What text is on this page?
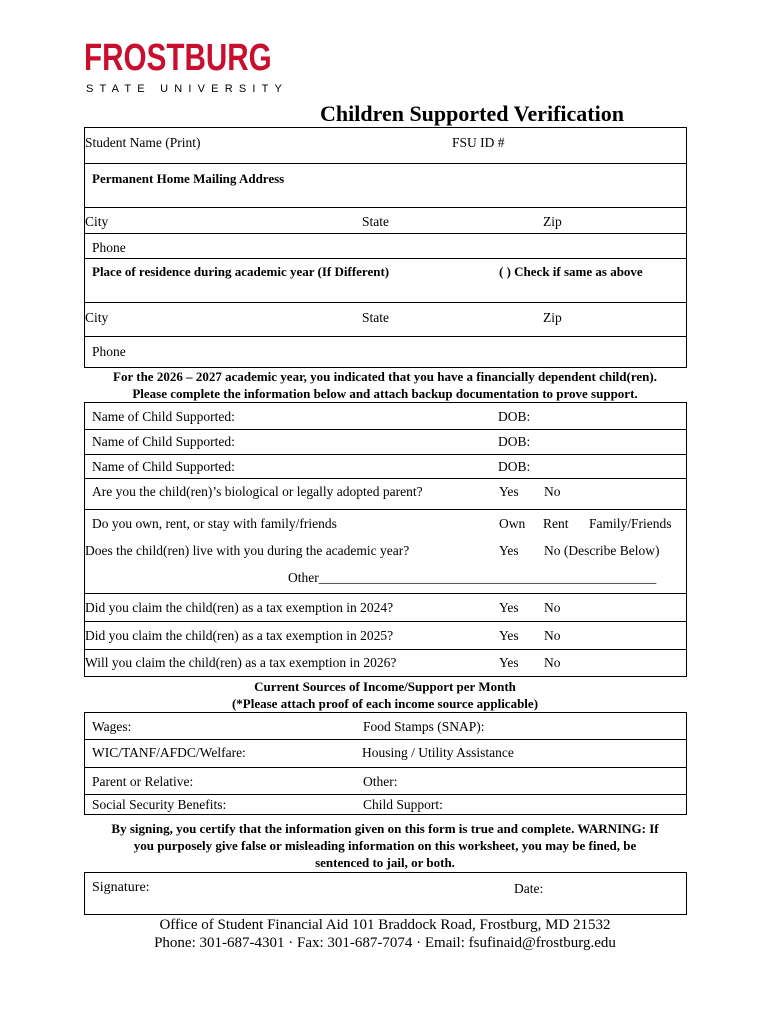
FROSTBURG
STATE UNIVERSITY
Children Supported Verification
Student Name (Print)	FSU ID #
Permanent Home Mailing Address
City	State	Zip
Phone
Place of residence during academic year (If Different)	( ) Check if same as above
City	State	Zip
Phone
For the 2026 – 2027 academic year, you indicated that you have a financially dependent child(ren).
Please complete the information below and attach backup documentation to prove support.
Name of Child Supported:	DOB:
Name of Child Supported:	DOB:
Name of Child Supported:	DOB:
Are you the child(ren)’s biological or legally adopted parent?	Yes No
Do you own, rent, or stay with family/friends	Own Rent Family/Friends
Does the child(ren) live with you during the academic year?	Yes No (Describe Below)
Other__________________________________________________
Did you claim the child(ren) as a tax exemption in 2024?	Yes No
Did you claim the child(ren) as a tax exemption in 2025?	Yes No
Will you claim the child(ren) as a tax exemption in 2026?	Yes No
Current Sources of Income/Support per Month
(*Please attach proof of each income source applicable)
Wages:	Food Stamps (SNAP):
WIC/TANF/AFDC/Welfare:	Housing / Utility Assistance
Parent or Relative:	Other:
Social Security Benefits:	Child Support:
By signing, you certify that the information given on this form is true and complete. WARNING: If
you purposely give false or misleading information on this worksheet, you may be fined, be
sentenced to jail, or both.
Signature:	Date:
Office of Student Financial Aid 101 Braddock Road, Frostburg, MD 21532
Phone: 301-687-4301 · Fax: 301-687-7074 · Email: fsufinaid@frostburg.edu
